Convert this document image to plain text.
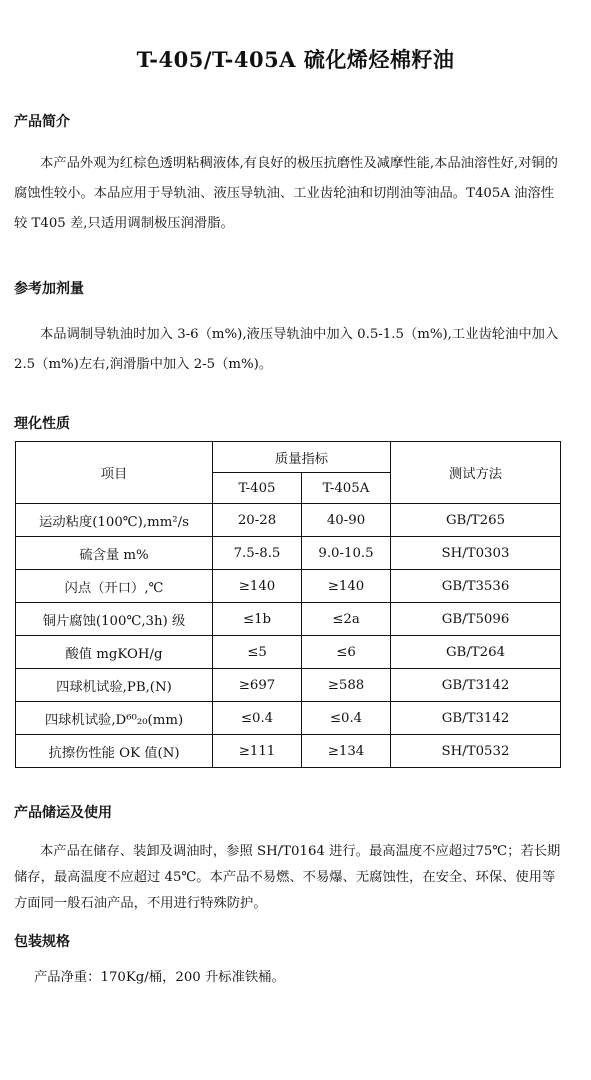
T-405/T-405A 硫化烯烃棉籽油
产品简介
本产品外观为红棕色透明粘稠液体,有良好的极压抗磨性及减摩性能,本品油溶性好,对铜的腐蚀性较小。本品应用于导轨油、液压导轨油、工业齿轮油和切削油等油品。T405A 油溶性较 T405 差,只适用调制极压润滑脂。
参考加剂量
本品调制导轨油时加入 3-6（m%),液压导轨油中加入 0.5-1.5（m%),工业齿轮油中加入 2.5（m%)左右,润滑脂中加入 2-5（m%)。
理化性质
项目	质量指标		测试方法
	T-405	T-405A	
运动粘度(100℃),mm²/s	20-28	40-90	GB/T265
硫含量 m%	7.5-8.5	9.0-10.5	SH/T0303
闪点（开口）,℃	≥140	≥140	GB/T3536
铜片腐蚀(100℃,3h) 级	≤1b	≤2a	GB/T5096
酸值 mgKOH/g	≤5	≤6	GB/T264
四球机试验,PB,(N)	≥697	≥588	GB/T3142
四球机试验,D⁶⁰₂₀(mm)	≤0.4	≤0.4	GB/T3142
抗擦伤性能 OK 值(N)	≥111	≥134	SH/T0532
产品储运及使用
本产品在储存、装卸及调油时，参照 SH/T0164 进行。最高温度不应超过75℃；若长期储存，最高温度不应超过 45℃。本产品不易燃、不易爆、无腐蚀性，在安全、环保、使用等方面同一般石油产品，不用进行特殊防护。
包装规格
产品净重：170Kg/桶，200 升标准铁桶。
